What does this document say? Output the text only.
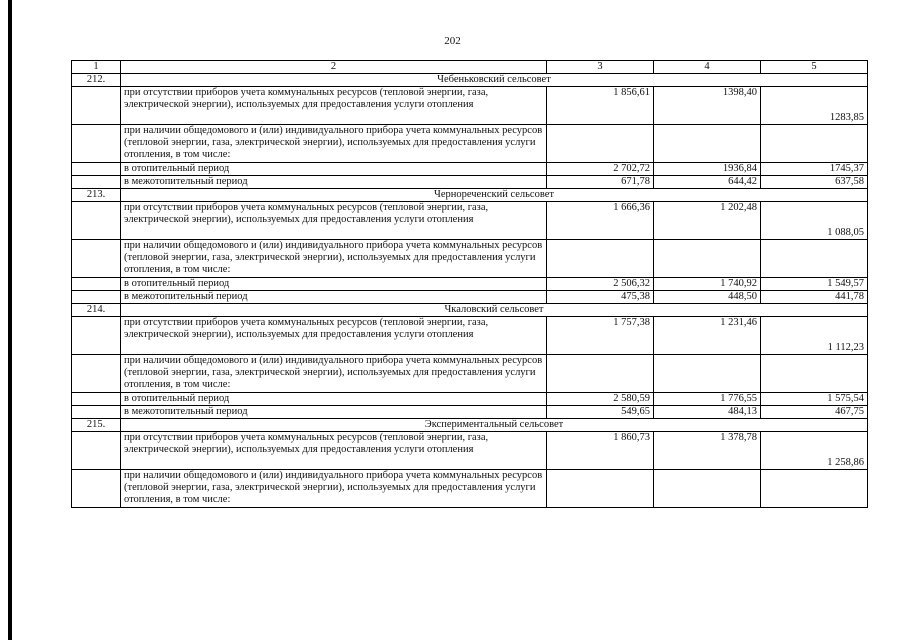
202
1	2	3	4	5
212.	Чебеньковский сельсовет			
	при отсутствии приборов учета коммунальных ресурсов (тепловой энергии, газа, электрической энергии), используемых для предоставления услуги отопления	1 856,61	1398,40	1283,85
	при наличии общедомового и (или) индивидуального прибора учета коммунальных ресурсов (тепловой энергии, газа, электрической энергии), используемых для предоставления услуги отопления, в том числе:			
	в отопительный период	2 702,72	1936,84	1745,37
	в межотопительный период	671,78	644,42	637,58
213.	Чернореченский сельсовет			
	при отсутствии приборов учета коммунальных ресурсов (тепловой энергии, газа, электрической энергии), используемых для предоставления услуги отопления	1 666,36	1 202,48	1 088,05
	при наличии общедомового и (или) индивидуального прибора учета коммунальных ресурсов (тепловой энергии, газа, электрической энергии), используемых для предоставления услуги отопления, в том числе:			
	в отопительный период	2 506,32	1 740,92	1 549,57
	в межотопительный период	475,38	448,50	441,78
214.	Чкаловский сельсовет			
	при отсутствии приборов учета коммунальных ресурсов (тепловой энергии, газа, электрической энергии), используемых для предоставления услуги отопления	1 757,38	1 231,46	1 112,23
	при наличии общедомового и (или) индивидуального прибора учета коммунальных ресурсов (тепловой энергии, газа, электрической энергии), используемых для предоставления услуги отопления, в том числе:			
	в отопительный период	2 580,59	1 776,55	1 575,54
	в межотопительный период	549,65	484,13	467,75
215.	Экспериментальный сельсовет			
	при отсутствии приборов учета коммунальных ресурсов (тепловой энергии, газа, электрической энергии), используемых для предоставления услуги отопления	1 860,73	1 378,78	1 258,86
	при наличии общедомового и (или) индивидуального прибора учета коммунальных ресурсов (тепловой энергии, газа, электрической энергии), используемых для предоставления услуги отопления, в том числе:			
